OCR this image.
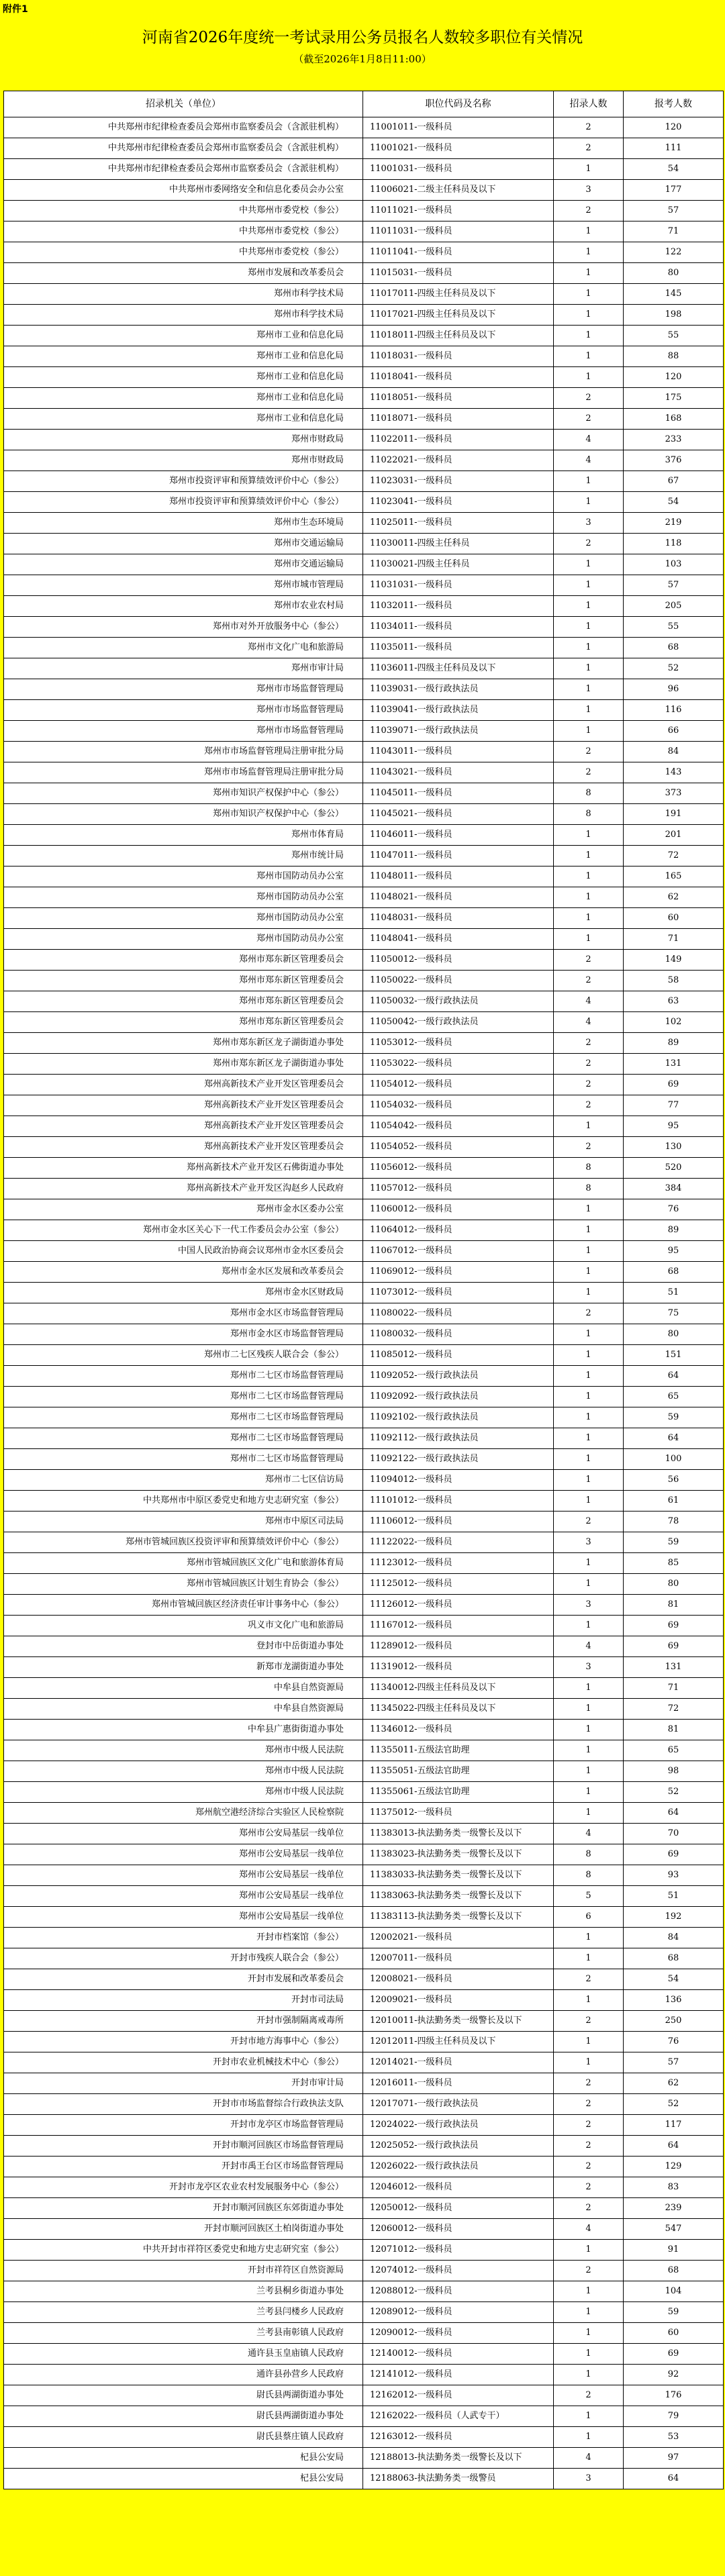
附件1
河南省2026年度统一考试录用公务员报名人数较多职位有关情况
（截至2026年1月8日11:00）
招录机关（单位）	职位代码及名称	招录人数	报考人数
中共郑州市纪律检查委员会郑州市监察委员会（含派驻机构）	11001011-一级科员	2	120
中共郑州市纪律检查委员会郑州市监察委员会（含派驻机构）	11001021-一级科员	2	111
中共郑州市纪律检查委员会郑州市监察委员会（含派驻机构）	11001031-一级科员	1	54
中共郑州市委网络安全和信息化委员会办公室	11006021-二级主任科员及以下	3	177
中共郑州市委党校（参公）	11011021-一级科员	2	57
中共郑州市委党校（参公）	11011031-一级科员	1	71
中共郑州市委党校（参公）	11011041-一级科员	1	122
郑州市发展和改革委员会	11015031-一级科员	1	80
郑州市科学技术局	11017011-四级主任科员及以下	1	145
郑州市科学技术局	11017021-四级主任科员及以下	1	198
郑州市工业和信息化局	11018011-四级主任科员及以下	1	55
郑州市工业和信息化局	11018031-一级科员	1	88
郑州市工业和信息化局	11018041-一级科员	1	120
郑州市工业和信息化局	11018051-一级科员	2	175
郑州市工业和信息化局	11018071-一级科员	2	168
郑州市财政局	11022011-一级科员	4	233
郑州市财政局	11022021-一级科员	4	376
郑州市投资评审和预算绩效评价中心（参公）	11023031-一级科员	1	67
郑州市投资评审和预算绩效评价中心（参公）	11023041-一级科员	1	54
郑州市生态环境局	11025011-一级科员	3	219
郑州市交通运输局	11030011-四级主任科员	2	118
郑州市交通运输局	11030021-四级主任科员	1	103
郑州市城市管理局	11031031-一级科员	1	57
郑州市农业农村局	11032011-一级科员	1	205
郑州市对外开放服务中心（参公）	11034011-一级科员	1	55
郑州市文化广电和旅游局	11035011-一级科员	1	68
郑州市审计局	11036011-四级主任科员及以下	1	52
郑州市市场监督管理局	11039031-一级行政执法员	1	96
郑州市市场监督管理局	11039041-一级行政执法员	1	116
郑州市市场监督管理局	11039071-一级行政执法员	1	66
郑州市市场监督管理局注册审批分局	11043011-一级科员	2	84
郑州市市场监督管理局注册审批分局	11043021-一级科员	2	143
郑州市知识产权保护中心（参公）	11045011-一级科员	8	373
郑州市知识产权保护中心（参公）	11045021-一级科员	8	191
郑州市体育局	11046011-一级科员	1	201
郑州市统计局	11047011-一级科员	1	72
郑州市国防动员办公室	11048011-一级科员	1	165
郑州市国防动员办公室	11048021-一级科员	1	62
郑州市国防动员办公室	11048031-一级科员	1	60
郑州市国防动员办公室	11048041-一级科员	1	71
郑州市郑东新区管理委员会	11050012-一级科员	2	149
郑州市郑东新区管理委员会	11050022-一级科员	2	58
郑州市郑东新区管理委员会	11050032-一级行政执法员	4	63
郑州市郑东新区管理委员会	11050042-一级行政执法员	4	102
郑州市郑东新区龙子湖街道办事处	11053012-一级科员	2	89
郑州市郑东新区龙子湖街道办事处	11053022-一级科员	2	131
郑州高新技术产业开发区管理委员会	11054012-一级科员	2	69
郑州高新技术产业开发区管理委员会	11054032-一级科员	2	77
郑州高新技术产业开发区管理委员会	11054042-一级科员	1	95
郑州高新技术产业开发区管理委员会	11054052-一级科员	2	130
郑州高新技术产业开发区石佛街道办事处	11056012-一级科员	8	520
郑州高新技术产业开发区沟赵乡人民政府	11057012-一级科员	8	384
郑州市金水区委办公室	11060012-一级科员	1	76
郑州市金水区关心下一代工作委员会办公室（参公）	11064012-一级科员	1	89
中国人民政治协商会议郑州市金水区委员会	11067012-一级科员	1	95
郑州市金水区发展和改革委员会	11069012-一级科员	1	68
郑州市金水区财政局	11073012-一级科员	1	51
郑州市金水区市场监督管理局	11080022-一级科员	2	75
郑州市金水区市场监督管理局	11080032-一级科员	1	80
郑州市二七区残疾人联合会（参公）	11085012-一级科员	1	151
郑州市二七区市场监督管理局	11092052-一级行政执法员	1	64
郑州市二七区市场监督管理局	11092092-一级行政执法员	1	65
郑州市二七区市场监督管理局	11092102-一级行政执法员	1	59
郑州市二七区市场监督管理局	11092112-一级行政执法员	1	64
郑州市二七区市场监督管理局	11092122-一级行政执法员	1	100
郑州市二七区信访局	11094012-一级科员	1	56
中共郑州市中原区委党史和地方史志研究室（参公）	11101012-一级科员	1	61
郑州市中原区司法局	11106012-一级科员	2	78
郑州市管城回族区投资评审和预算绩效评价中心（参公）	11122022-一级科员	3	59
郑州市管城回族区文化广电和旅游体育局	11123012-一级科员	1	85
郑州市管城回族区计划生育协会（参公）	11125012-一级科员	1	80
郑州市管城回族区经济责任审计事务中心（参公）	11126012-一级科员	3	81
巩义市文化广电和旅游局	11167012-一级科员	1	69
登封市中岳街道办事处	11289012-一级科员	4	69
新郑市龙湖街道办事处	11319012-一级科员	3	131
中牟县自然资源局	11340012-四级主任科员及以下	1	71
中牟县自然资源局	11345022-四级主任科员及以下	1	72
中牟县广惠街街道办事处	11346012-一级科员	1	81
郑州市中级人民法院	11355011-五级法官助理	1	65
郑州市中级人民法院	11355051-五级法官助理	1	98
郑州市中级人民法院	11355061-五级法官助理	1	52
郑州航空港经济综合实验区人民检察院	11375012-一级科员	1	64
郑州市公安局基层一线单位	11383013-执法勤务类一级警长及以下	4	70
郑州市公安局基层一线单位	11383023-执法勤务类一级警长及以下	8	69
郑州市公安局基层一线单位	11383033-执法勤务类一级警长及以下	8	93
郑州市公安局基层一线单位	11383063-执法勤务类一级警长及以下	5	51
郑州市公安局基层一线单位	11383113-执法勤务类一级警长及以下	6	192
开封市档案馆（参公）	12002021-一级科员	1	84
开封市残疾人联合会（参公）	12007011-一级科员	1	68
开封市发展和改革委员会	12008021-一级科员	2	54
开封市司法局	12009021-一级科员	1	136
开封市强制隔离戒毒所	12010011-执法勤务类一级警长及以下	2	250
开封市地方海事中心（参公）	12012011-四级主任科员及以下	1	76
开封市农业机械技术中心（参公）	12014021-一级科员	1	57
开封市审计局	12016011-一级科员	2	62
开封市市场监督综合行政执法支队	12017071-一级行政执法员	2	52
开封市龙亭区市场监督管理局	12024022-一级行政执法员	2	117
开封市顺河回族区市场监督管理局	12025052-一级行政执法员	2	64
开封市禹王台区市场监督管理局	12026022-一级行政执法员	2	129
开封市龙亭区农业农村发展服务中心（参公）	12046012-一级科员	2	83
开封市顺河回族区东郊街道办事处	12050012-一级科员	2	239
开封市顺河回族区土柏岗街道办事处	12060012-一级科员	4	547
中共开封市祥符区委党史和地方史志研究室（参公）	12071012-一级科员	1	91
开封市祥符区自然资源局	12074012-一级科员	2	68
兰考县桐乡街道办事处	12088012-一级科员	1	104
兰考县闫楼乡人民政府	12089012-一级科员	1	59
兰考县南彰镇人民政府	12090012-一级科员	1	60
通许县玉皇庙镇人民政府	12140012-一级科员	1	69
通许县孙营乡人民政府	12141012-一级科员	1	92
尉氏县两湖街道办事处	12162012-一级科员	2	176
尉氏县两湖街道办事处	12162022-一级科员（人武专干）	1	79
尉氏县蔡庄镇人民政府	12163012-一级科员	1	53
杞县公安局	12188013-执法勤务类一级警长及以下	4	97
杞县公安局	12188063-执法勤务类一级警员	3	64
